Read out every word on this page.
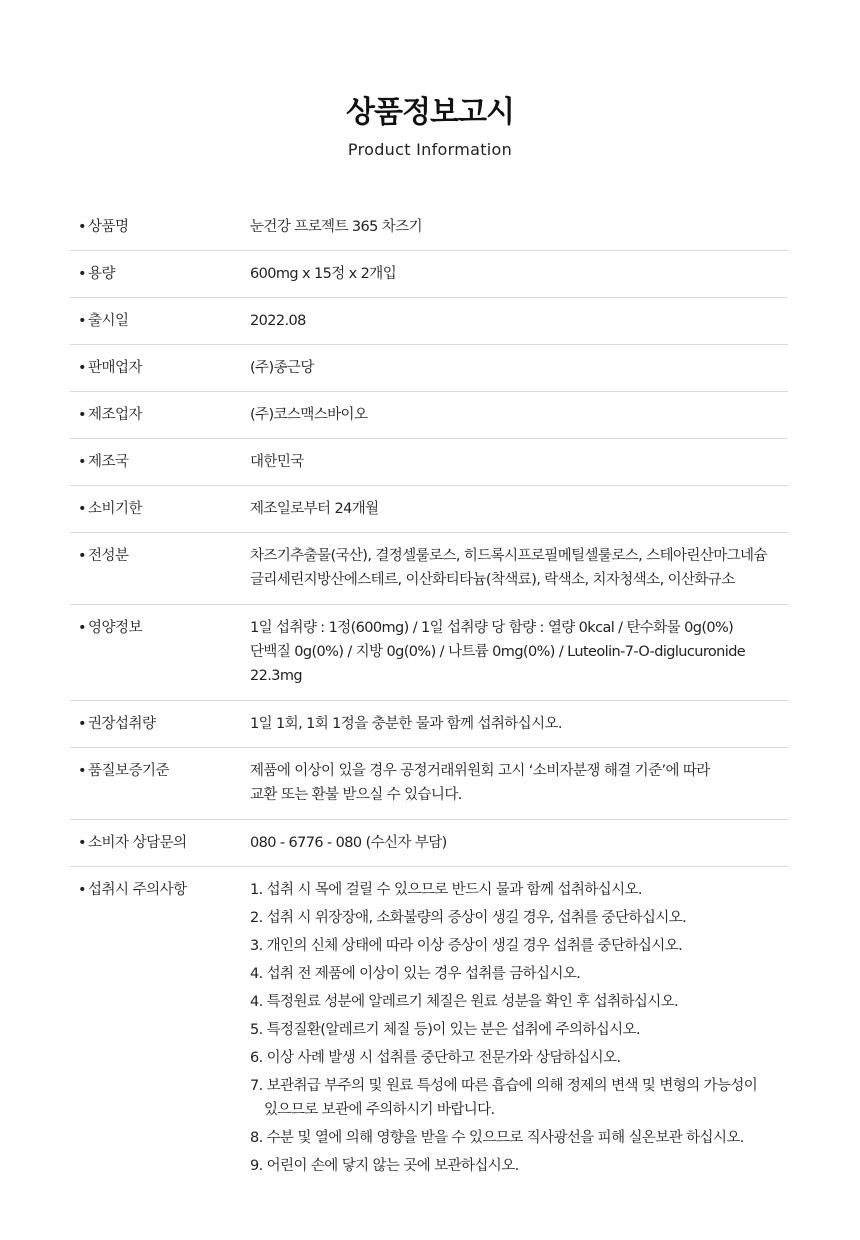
상품정보고시
Product Information
• 상품명	눈건강 프로젝트 365 차즈기
• 용량	600mg x 15정 x 2개입
• 출시일	2022.08
• 판매업자	(주)종근당
• 제조업자	(주)코스맥스바이오
• 제조국	대한민국
• 소비기한	제조일로부터 24개월
• 전성분	차즈기추출물(국산), 결정셀룰로스, 히드록시프로필메틸셀룰로스, 스테아린산마그네슘
글리세린지방산에스테르, 이산화티타늄(착색료), 락색소, 치자청색소, 이산화규소
• 영양정보	1일 섭취량 : 1정(600mg) / 1일 섭취량 당 함량 : 열량 0kcal / 탄수화물 0g(0%)
단백질 0g(0%) / 지방 0g(0%) / 나트륨 0mg(0%) / Luteolin-7-O-diglucuronide
22.3mg
• 권장섭취량	1일 1회, 1회 1정을 충분한 물과 함께 섭취하십시오.
• 품질보증기준	제품에 이상이 있을 경우 공정거래위원회 고시 ‘소비자분쟁 해결 기준’에 따라
교환 또는 환불 받으실 수 있습니다.
• 소비자 상담문의	080 - 6776 - 080 (수신자 부담)
• 섭취시 주의사항	1. 섭취 시 목에 걸릴 수 있으므로 반드시 물과 함께 섭취하십시오.
2. 섭취 시 위장장애, 소화불량의 증상이 생길 경우, 섭취를 중단하십시오.
3. 개인의 신체 상태에 따라 이상 증상이 생길 경우 섭취를 중단하십시오.
4. 섭취 전 제품에 이상이 있는 경우 섭취를 금하십시오.
4. 특정원료 성분에 알레르기 체질은 원료 성분을 확인 후 섭취하십시오.
5. 특정질환(알레르기 체질 등)이 있는 분은 섭취에 주의하십시오.
6. 이상 사례 발생 시 섭취를 중단하고 전문가와 상담하십시오.
7. 보관취급 부주의 및 원료 특성에 따른 흡습에 의해 정제의 변색 및 변형의 가능성이
있으므로 보관에 주의하시기 바랍니다.
8. 수분 및 열에 의해 영향을 받을 수 있으므로 직사광선을 피해 실온보관 하십시오.
9. 어린이 손에 닿지 않는 곳에 보관하십시오.
